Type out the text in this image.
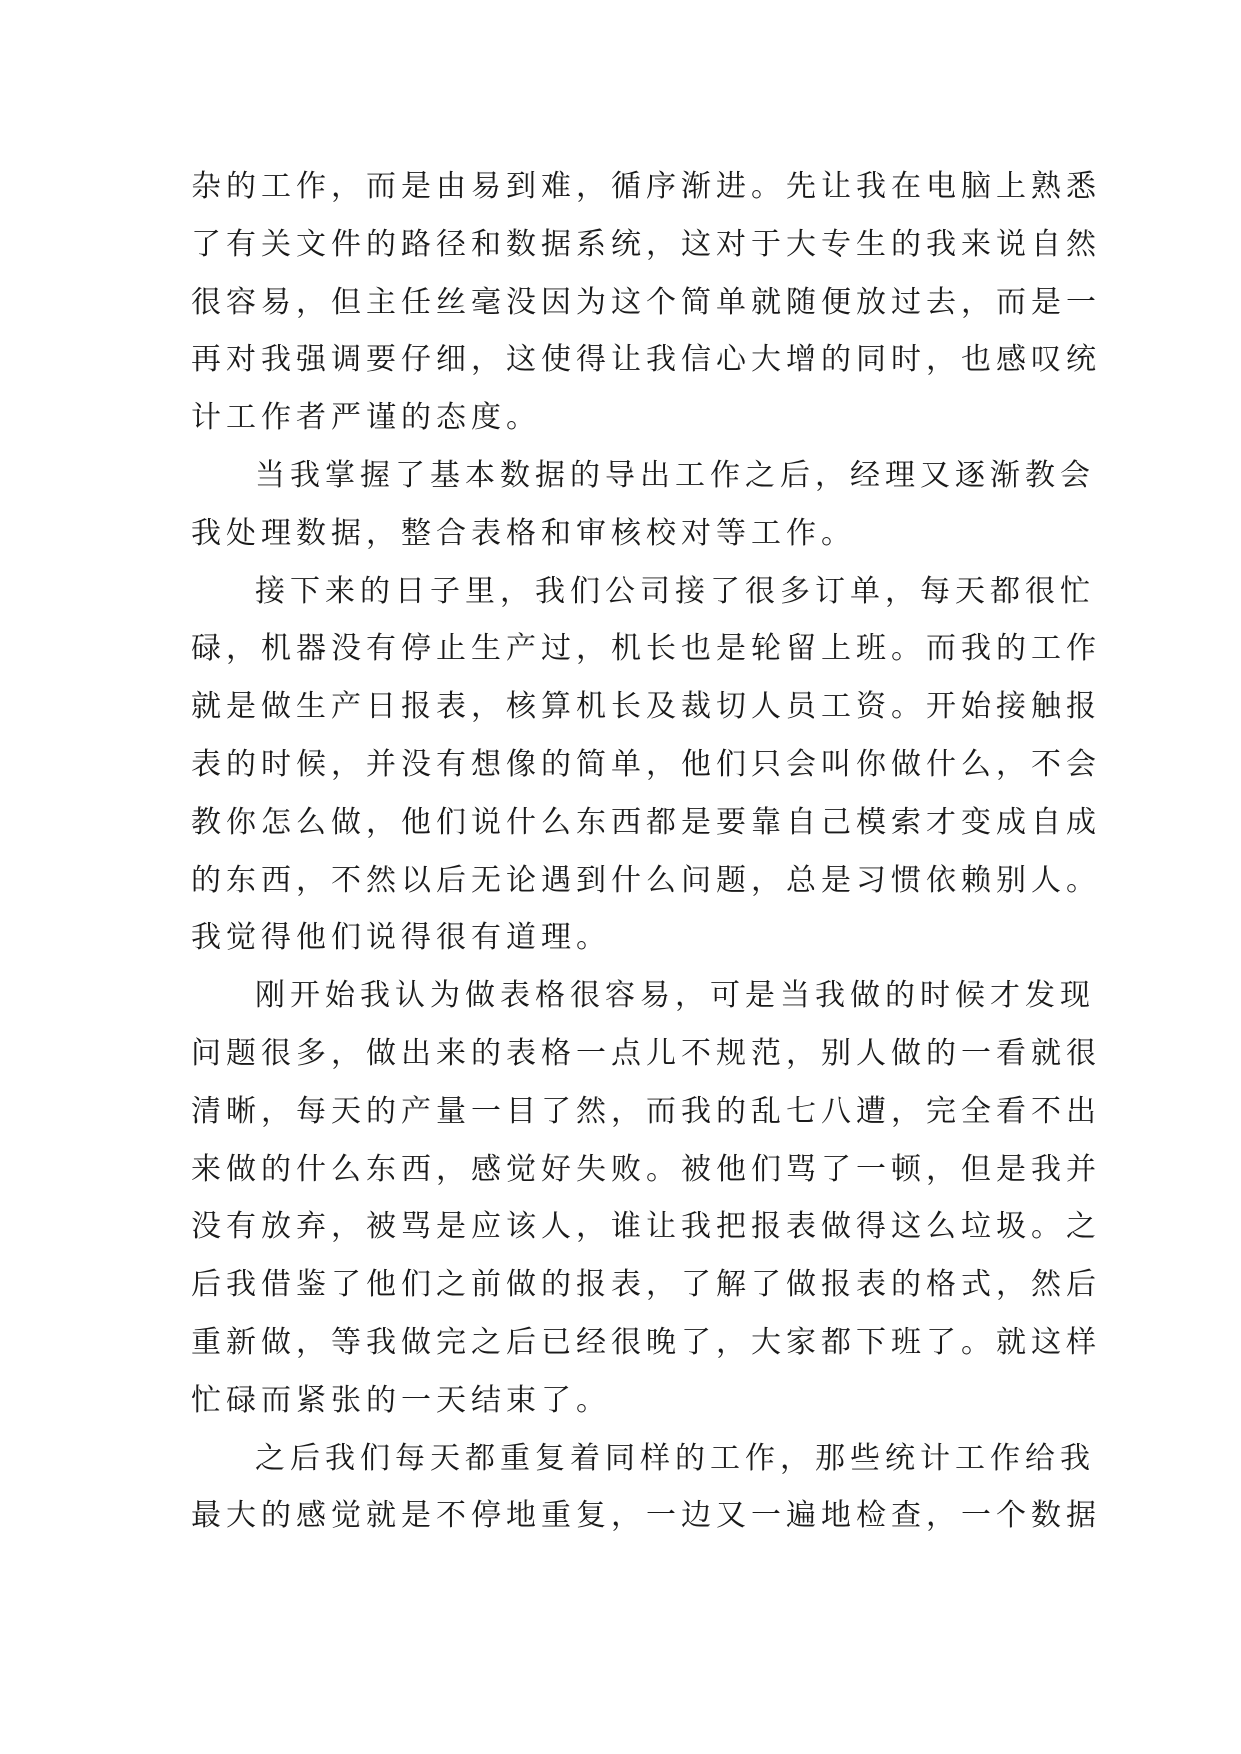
杂的工作，而是由易到难，循序渐进。先让我在电脑上熟悉
了有关文件的路径和数据系统，这对于大专生的我来说自然
很容易，但主任丝毫没因为这个简单就随便放过去，而是一
再对我强调要仔细，这使得让我信心大增的同时，也感叹统
计工作者严谨的态度。

当我掌握了基本数据的导出工作之后，经理又逐渐教会
我处理数据，整合表格和审核校对等工作。

接下来的日子里，我们公司接了很多订单，每天都很忙
碌，机器没有停止生产过，机长也是轮留上班。而我的工作
就是做生产日报表，核算机长及裁切人员工资。开始接触报
表的时候，并没有想像的简单，他们只会叫你做什么，不会
教你怎么做，他们说什么东西都是要靠自己模索才变成自成
的东西，不然以后无论遇到什么问题，总是习惯依赖别人。
我觉得他们说得很有道理。

刚开始我认为做表格很容易，可是当我做的时候才发现
问题很多，做出来的表格一点儿不规范，别人做的一看就很
清晰，每天的产量一目了然，而我的乱七八遭，完全看不出
来做的什么东西，感觉好失败。被他们骂了一顿，但是我并
没有放弃，被骂是应该人，谁让我把报表做得这么垃圾。之
后我借鉴了他们之前做的报表，了解了做报表的格式，然后
重新做，等我做完之后已经很晚了，大家都下班了。就这样
忙碌而紧张的一天结束了。

之后我们每天都重复着同样的工作，那些统计工作给我
最大的感觉就是不停地重复，一边又一遍地检查，一个数据
